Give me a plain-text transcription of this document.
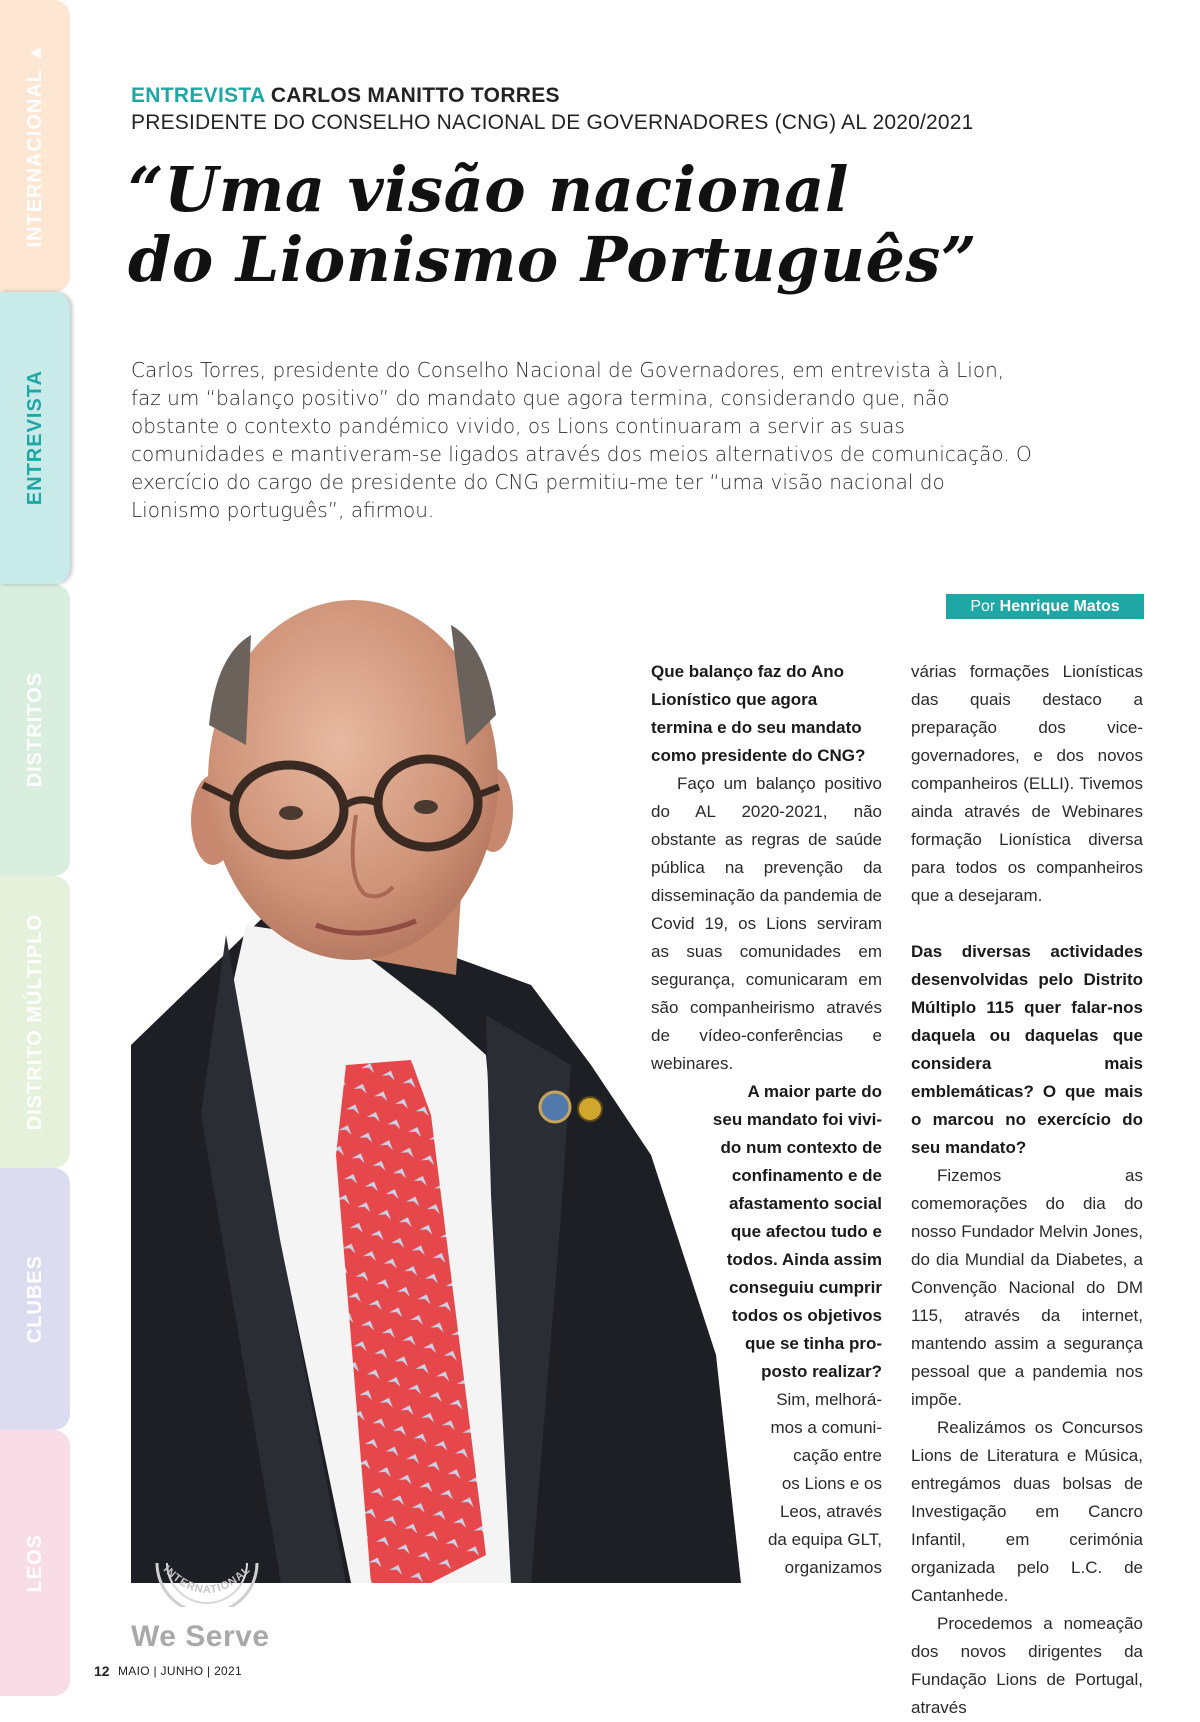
INTERNACIONAL▶
ENTREVISTA
DISTRITOS
DISTRITO MÚLTIPLO
CLUBES
LEOS
ENTREVISTA CARLOS MANITTO TORRES
PRESIDENTE DO CONSELHO NACIONAL DE GOVERNADORES (CNG) AL 2020/2021
“Uma visão nacional
do Lionismo Português”

Carlos Torres, presidente do Conselho Nacional de Governadores, em entrevista à Lion, faz um “balanço positivo” do mandato que agora termina, considerando que, não obstante o contexto pandémico vivido, os Lions continuaram a servir as suas comunidades e mantiveram-se ligados através dos meios alternativos de comunicação. O exercício do cargo de presidente do CNG permitiu-me ter “uma visão nacional do Lionismo português”, afirmou.

Por Henrique Matos

Que balanço faz do Ano Lionístico que agora termina e do seu mandato como presidente do CNG?

Faço um balanço positivo do AL 2020-2021, não obstante as regras de saúde pública na prevenção da disseminação da pandemia de Covid 19, os Lions serviram as suas comunidades em segurança, comunicaram em são companheirismo através de vídeo-conferências e webinares.

A maior parte do
seu mandato foi vivi-
do num contexto de
confinamento e de
afastamento social
que afectou tudo e
todos. Ainda assim
conseguiu cumprir
todos os objetivos
que se tinha pro-
posto realizar?
Sim, melhorá-
mos a comuni-
cação entre
os Lions e os
Leos, através
da equipa GLT,
organizamos

várias formações Lionísticas das quais destaco a preparação dos vice-governadores, e dos novos companheiros (ELLI). Tivemos ainda através de Webinares formação Lionística diversa para todos os companheiros que a desejaram.

Das diversas actividades desenvolvidas pelo Distrito Múltiplo 115 quer falar-nos daquela ou daquelas que considera mais emblemáticas? O que mais o marcou no exercício do seu mandato?

Fizemos as comemorações do dia do nosso Fundador Melvin Jones, do dia Mundial da Diabetes, a Convenção Nacional do DM 115, através da internet, mantendo assim a segurança pessoal que a pandemia nos impõe.

Realizámos os Concursos Lions de Literatura e Música, entregámos duas bolsas de Investigação em Cancro Infantil, em cerimónia organizada pelo L.C. de Cantanhede.

Procedemos a nomeação dos novos dirigentes da Fundação Lions de Portugal, através

INTERNATIONAL
We Serve
12 MAIO | JUNHO | 2021
